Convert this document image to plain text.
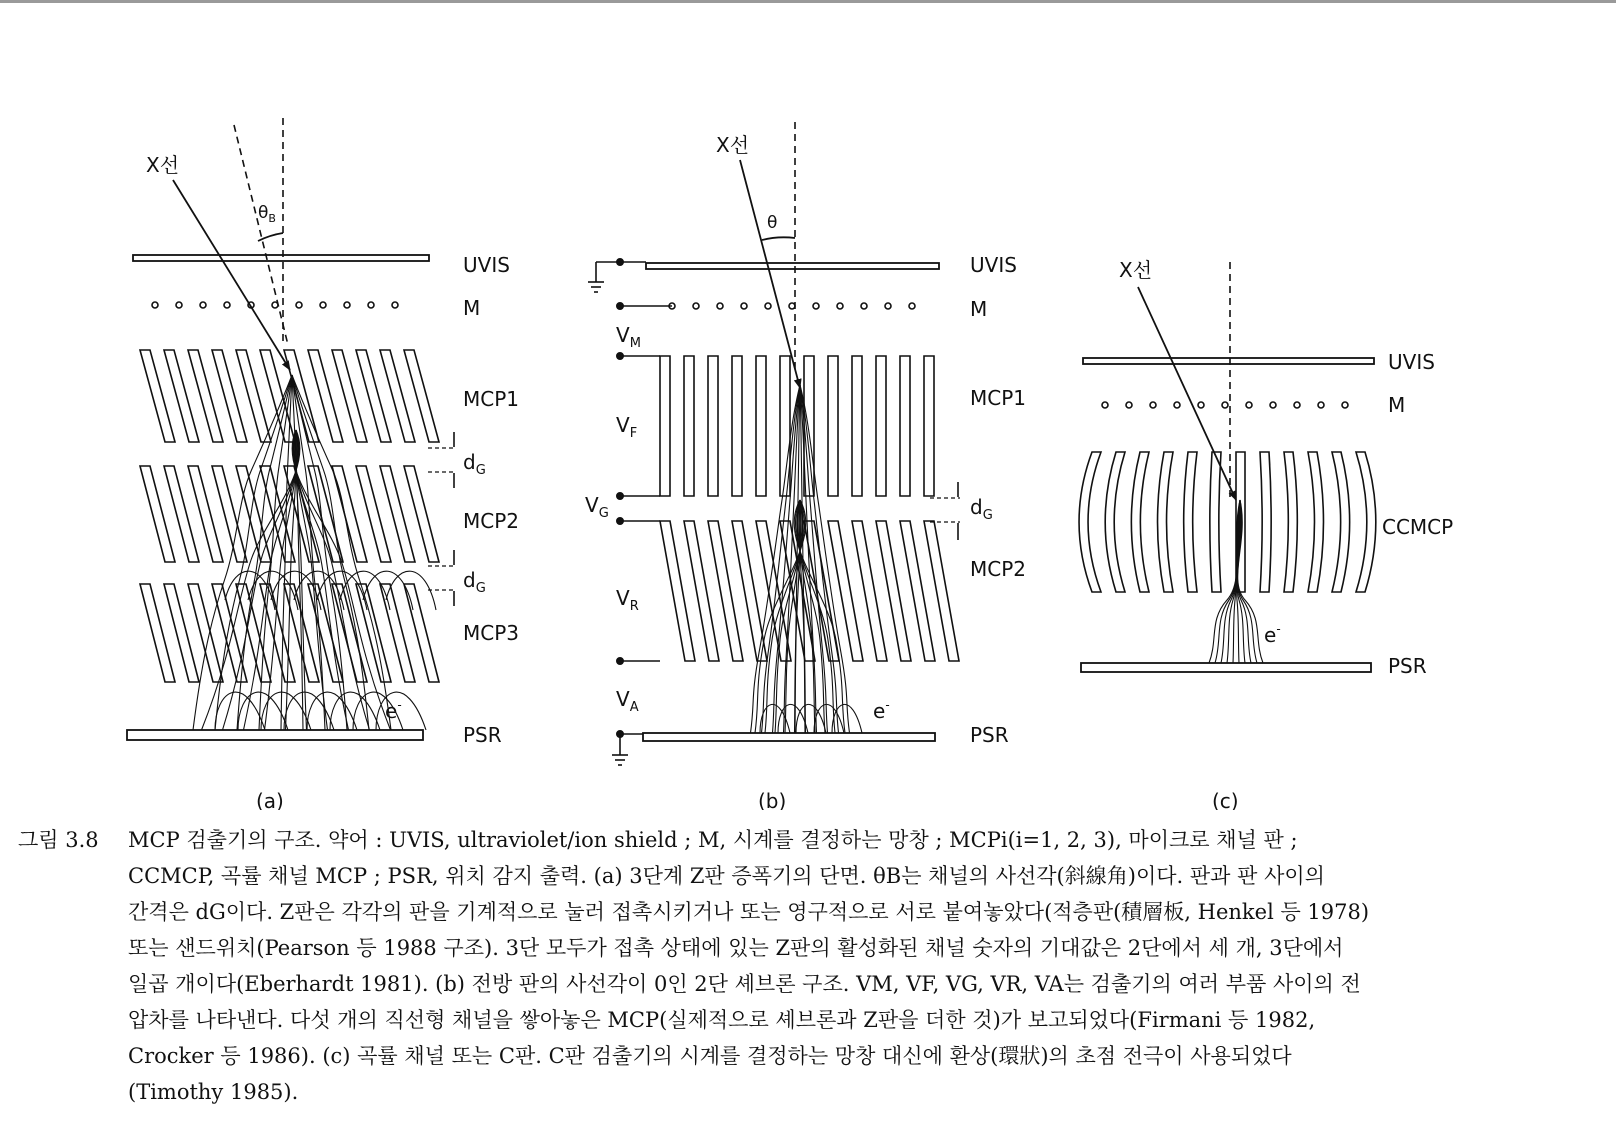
X선
$\theta_B$
UVIS
M
MCP1
$d_G$
MCP2
$d_G$
MCP3
e-
PSR
(a)
X선
θ
UVIS
M
$V_M$
MCP1
$V_F$
$V_G$	$d_G$
MCP2
$V_R$
$V_A$	e-
PSR
(b)
X선
UVIS
M
CCMCP
e-
PSR
(c)
그림 3.8	MCP 검출기의 구조. 약어 : UVIS, ultraviolet/ion shield ; M, 시계를 결정하는 망창 ; MCPi(i=1, 2, 3), 마이크로 채널 판 ;
CCMCP, 곡률 채널 MCP ; PSR, 위치 감지 출력. (a) 3단계 Z판 증폭기의 단면. θB는 채널의 사선각(斜線角)이다. 판과 판 사이의
간격은 dG이다. Z판은 각각의 판을 기계적으로 눌러 접촉시키거나 또는 영구적으로 서로 붙여놓았다(적층판(積層板, Henkel 등 1978)
또는 샌드위치(Pearson 등 1988 구조). 3단 모두가 접촉 상태에 있는 Z판의 활성화된 채널 숫자의 기대값은 2단에서 세 개, 3단에서
일곱 개이다(Eberhardt 1981). (b) 전방 판의 사선각이 0인 2단 셰브론 구조. VM, VF, VG, VR, VA는 검출기의 여러 부품 사이의 전
압차를 나타낸다. 다섯 개의 직선형 채널을 쌓아놓은 MCP(실제적으로 셰브론과 Z판을 더한 것)가 보고되었다(Firmani 등 1982,
Crocker 등 1986). (c) 곡률 채널 또는 C판. C판 검출기의 시계를 결정하는 망창 대신에 환상(環狀)의 초점 전극이 사용되었다
(Timothy 1985).
